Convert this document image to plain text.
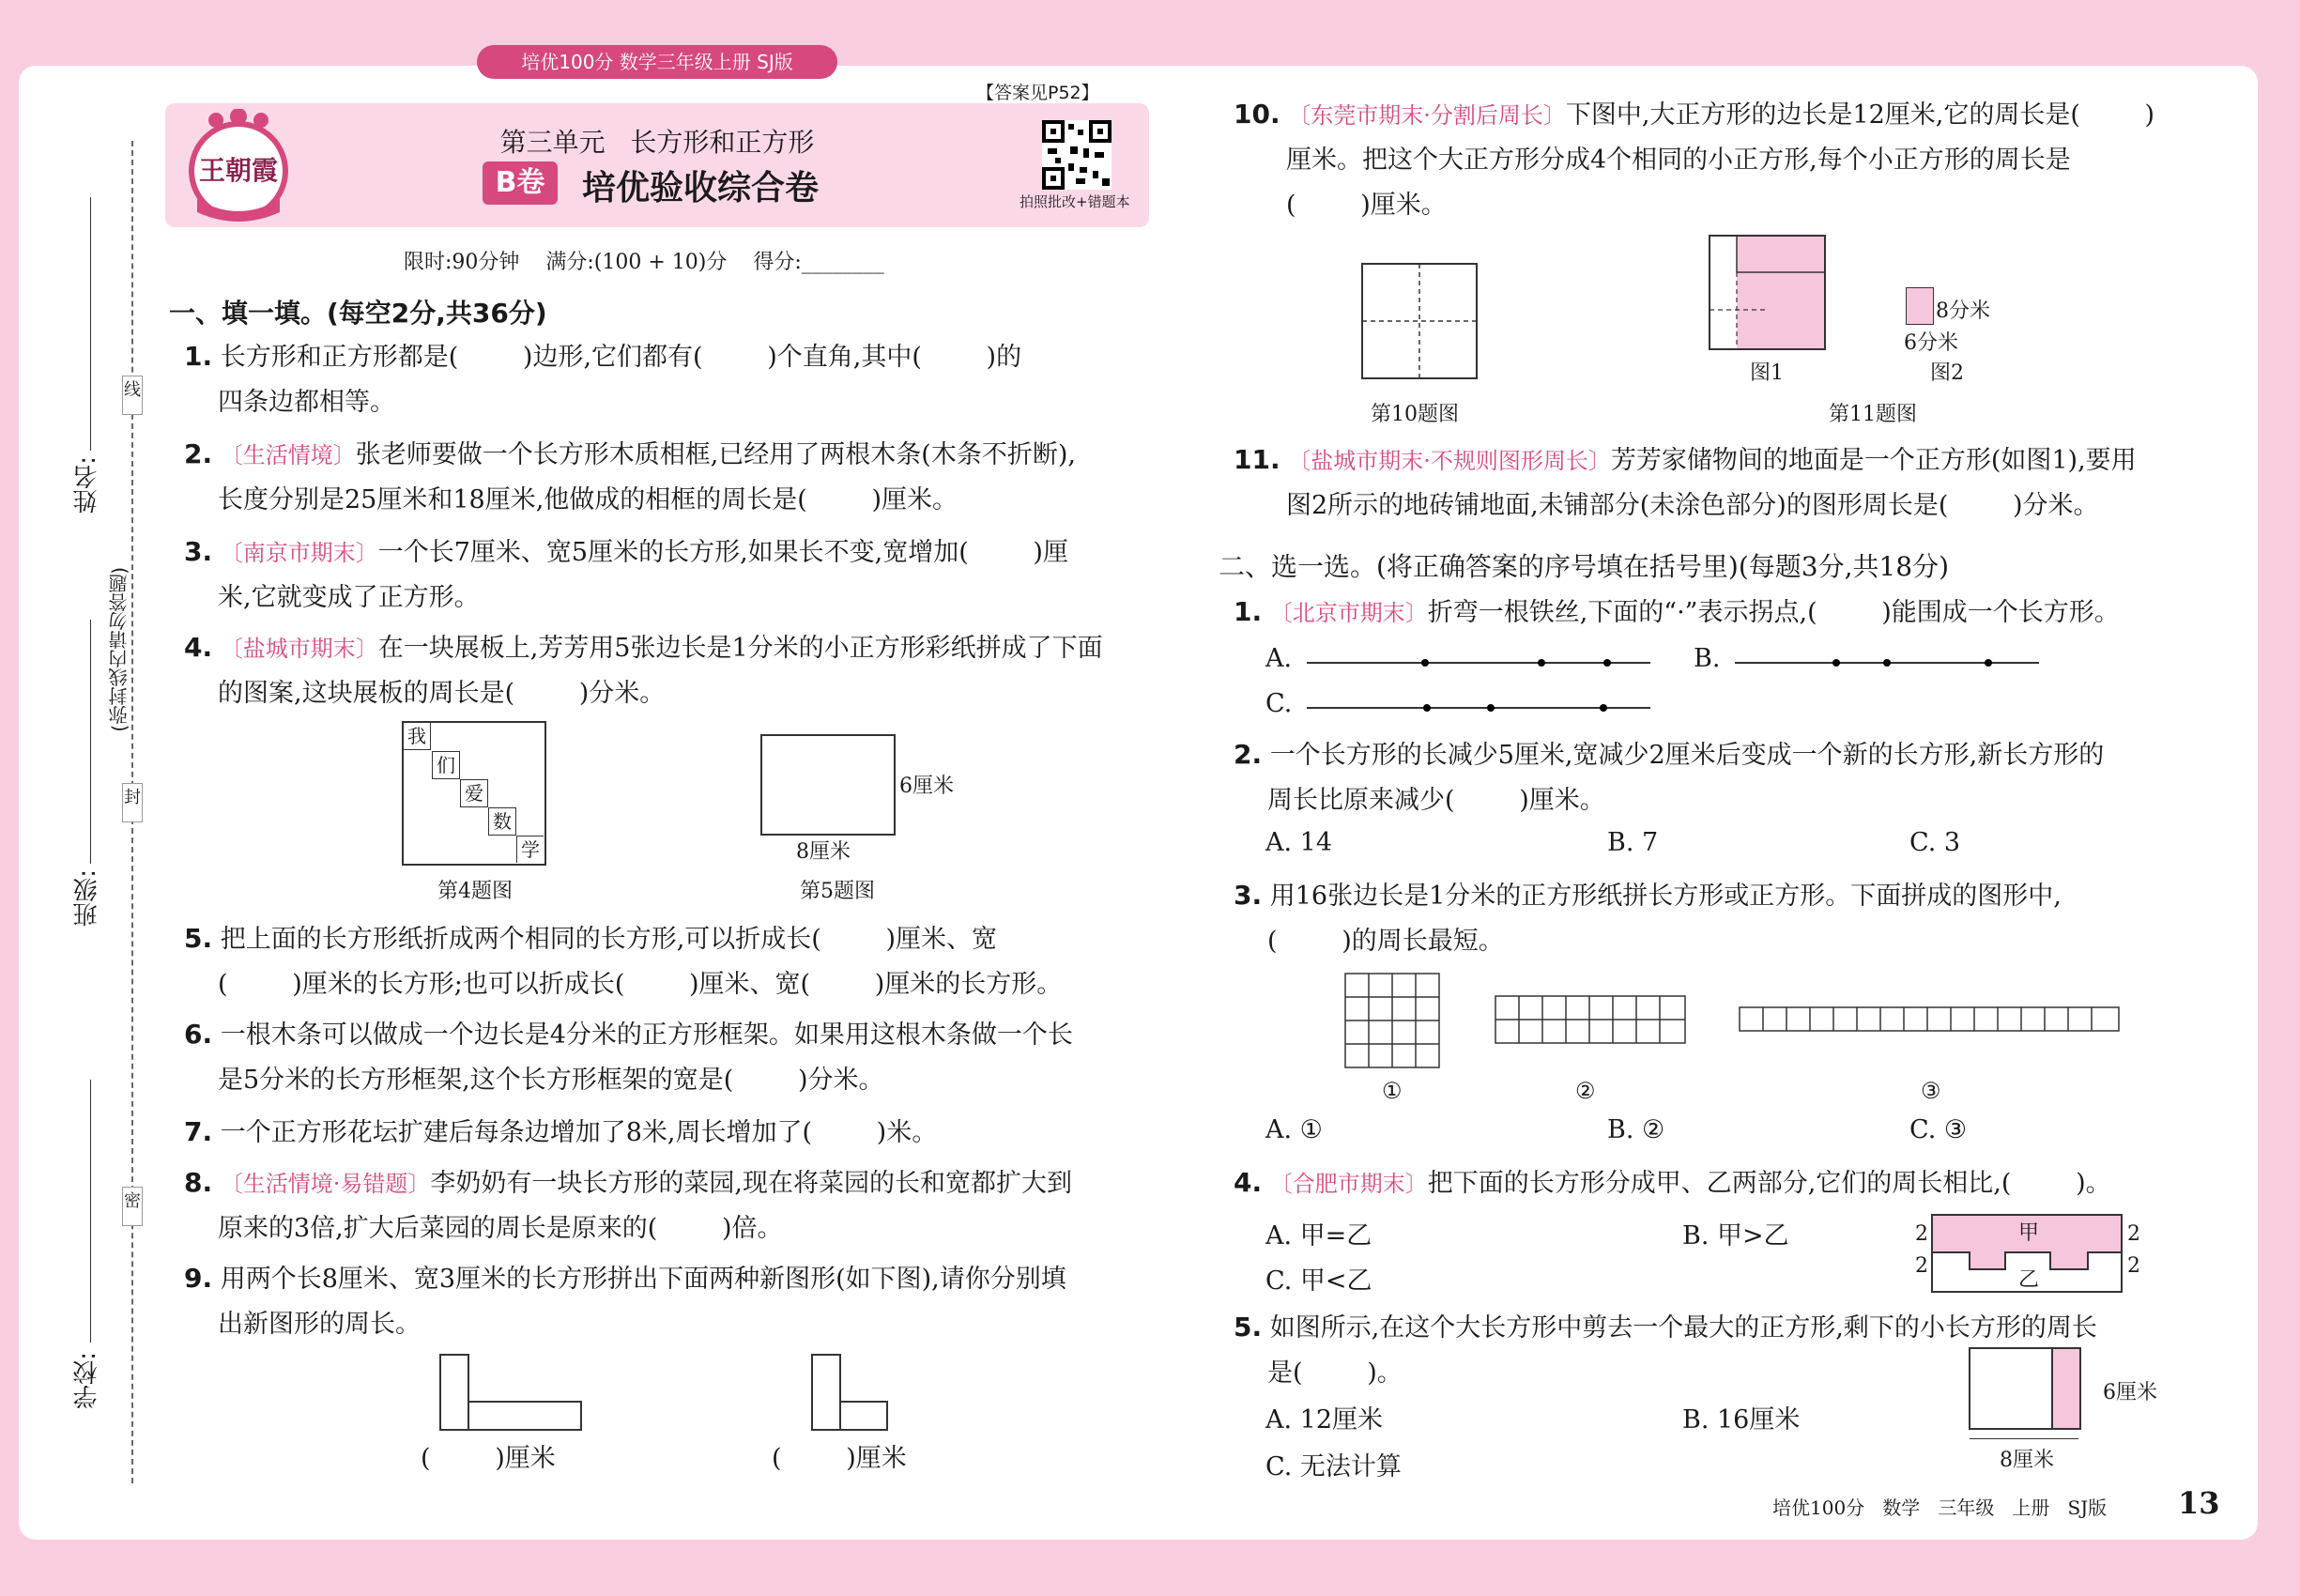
培优100分 数学三年级上册 SJ版
【答案见P52】
王朝霞
第三单元   长方形和正方形
B卷	培优验收综合卷	拍照批改+错题本
限时:90分钟    满分:(100 + 10)分    得分:________
姓名:
班级:
学校:
(弥封线内请勿答题)
线
封
密
一、填一填。(每空2分,共36分)
1. 长方形和正方形都是(        )边形,它们都有(        )个直角,其中(        )的
四条边都相等。
2. 〔生活情境〕张老师要做一个长方形木质相框,已经用了两根木条(木条不折断),
长度分别是25厘米和18厘米,他做成的相框的周长是(        )厘米。
3. 〔南京市期末〕一个长7厘米、宽5厘米的长方形,如果长不变,宽增加(        )厘
米,它就变成了正方形。
4. 〔盐城市期末〕在一块展板上,芳芳用5张边长是1分米的小正方形彩纸拼成了下面
的图案,这块展板的周长是(        )分米。
我
们
爱
数
学
第4题图
6厘米
8厘米
第5题图
5. 把上面的长方形纸折成两个相同的长方形,可以折成长(        )厘米、宽
(        )厘米的长方形;也可以折成长(        )厘米、宽(        )厘米的长方形。
6. 一根木条可以做成一个边长是4分米的正方形框架。如果用这根木条做一个长
是5分米的长方形框架,这个长方形框架的宽是(        )分米。
7. 一个正方形花坛扩建后每条边增加了8米,周长增加了(        )米。
8. 〔生活情境·易错题〕李奶奶有一块长方形的菜园,现在将菜园的长和宽都扩大到
原来的3倍,扩大后菜园的周长是原来的(        )倍。
9. 用两个长8厘米、宽3厘米的长方形拼出下面两种新图形(如下图),请你分别填
出新图形的周长。
(        )厘米	(        )厘米
10. 〔东莞市期末·分割后周长〕下图中,大正方形的边长是12厘米,它的周长是(        )
厘米。把这个大正方形分成4个相同的小正方形,每个小正方形的周长是
(        )厘米。
第10题图
图1
8分米
6分米
图2
第11题图
11. 〔盐城市期末·不规则图形周长〕芳芳家储物间的地面是一个正方形(如图1),要用
图2所示的地砖铺地面,未铺部分(未涂色部分)的图形周长是(        )分米。
二、选一选。(将正确答案的序号填在括号里)(每题3分,共18分)
1. 〔北京市期末〕折弯一根铁丝,下面的“·”表示拐点,(        )能围成一个长方形。
A.	B.
C.
2. 一个长方形的长减少5厘米,宽减少2厘米后变成一个新的长方形,新长方形的
周长比原来减少(        )厘米。
A. 14	B. 7	C. 3
3. 用16张边长是1分米的正方形纸拼长方形或正方形。下面拼成的图形中,
(        )的周长最短。
①	②	③
A. ①	B. ②	C. ③
4. 〔合肥市期末〕把下面的长方形分成甲、乙两部分,它们的周长相比,(        )。
A. 甲=乙	B. 甲>乙
C. 甲<乙
甲
乙
2
2
2
2
5. 如图所示,在这个大长方形中剪去一个最大的正方形,剩下的小长方形的周长
是(        )。
A. 12厘米	B. 16厘米
C. 无法计算
6厘米
8厘米
培优100分   数学   三年级   上册   SJ版 13
